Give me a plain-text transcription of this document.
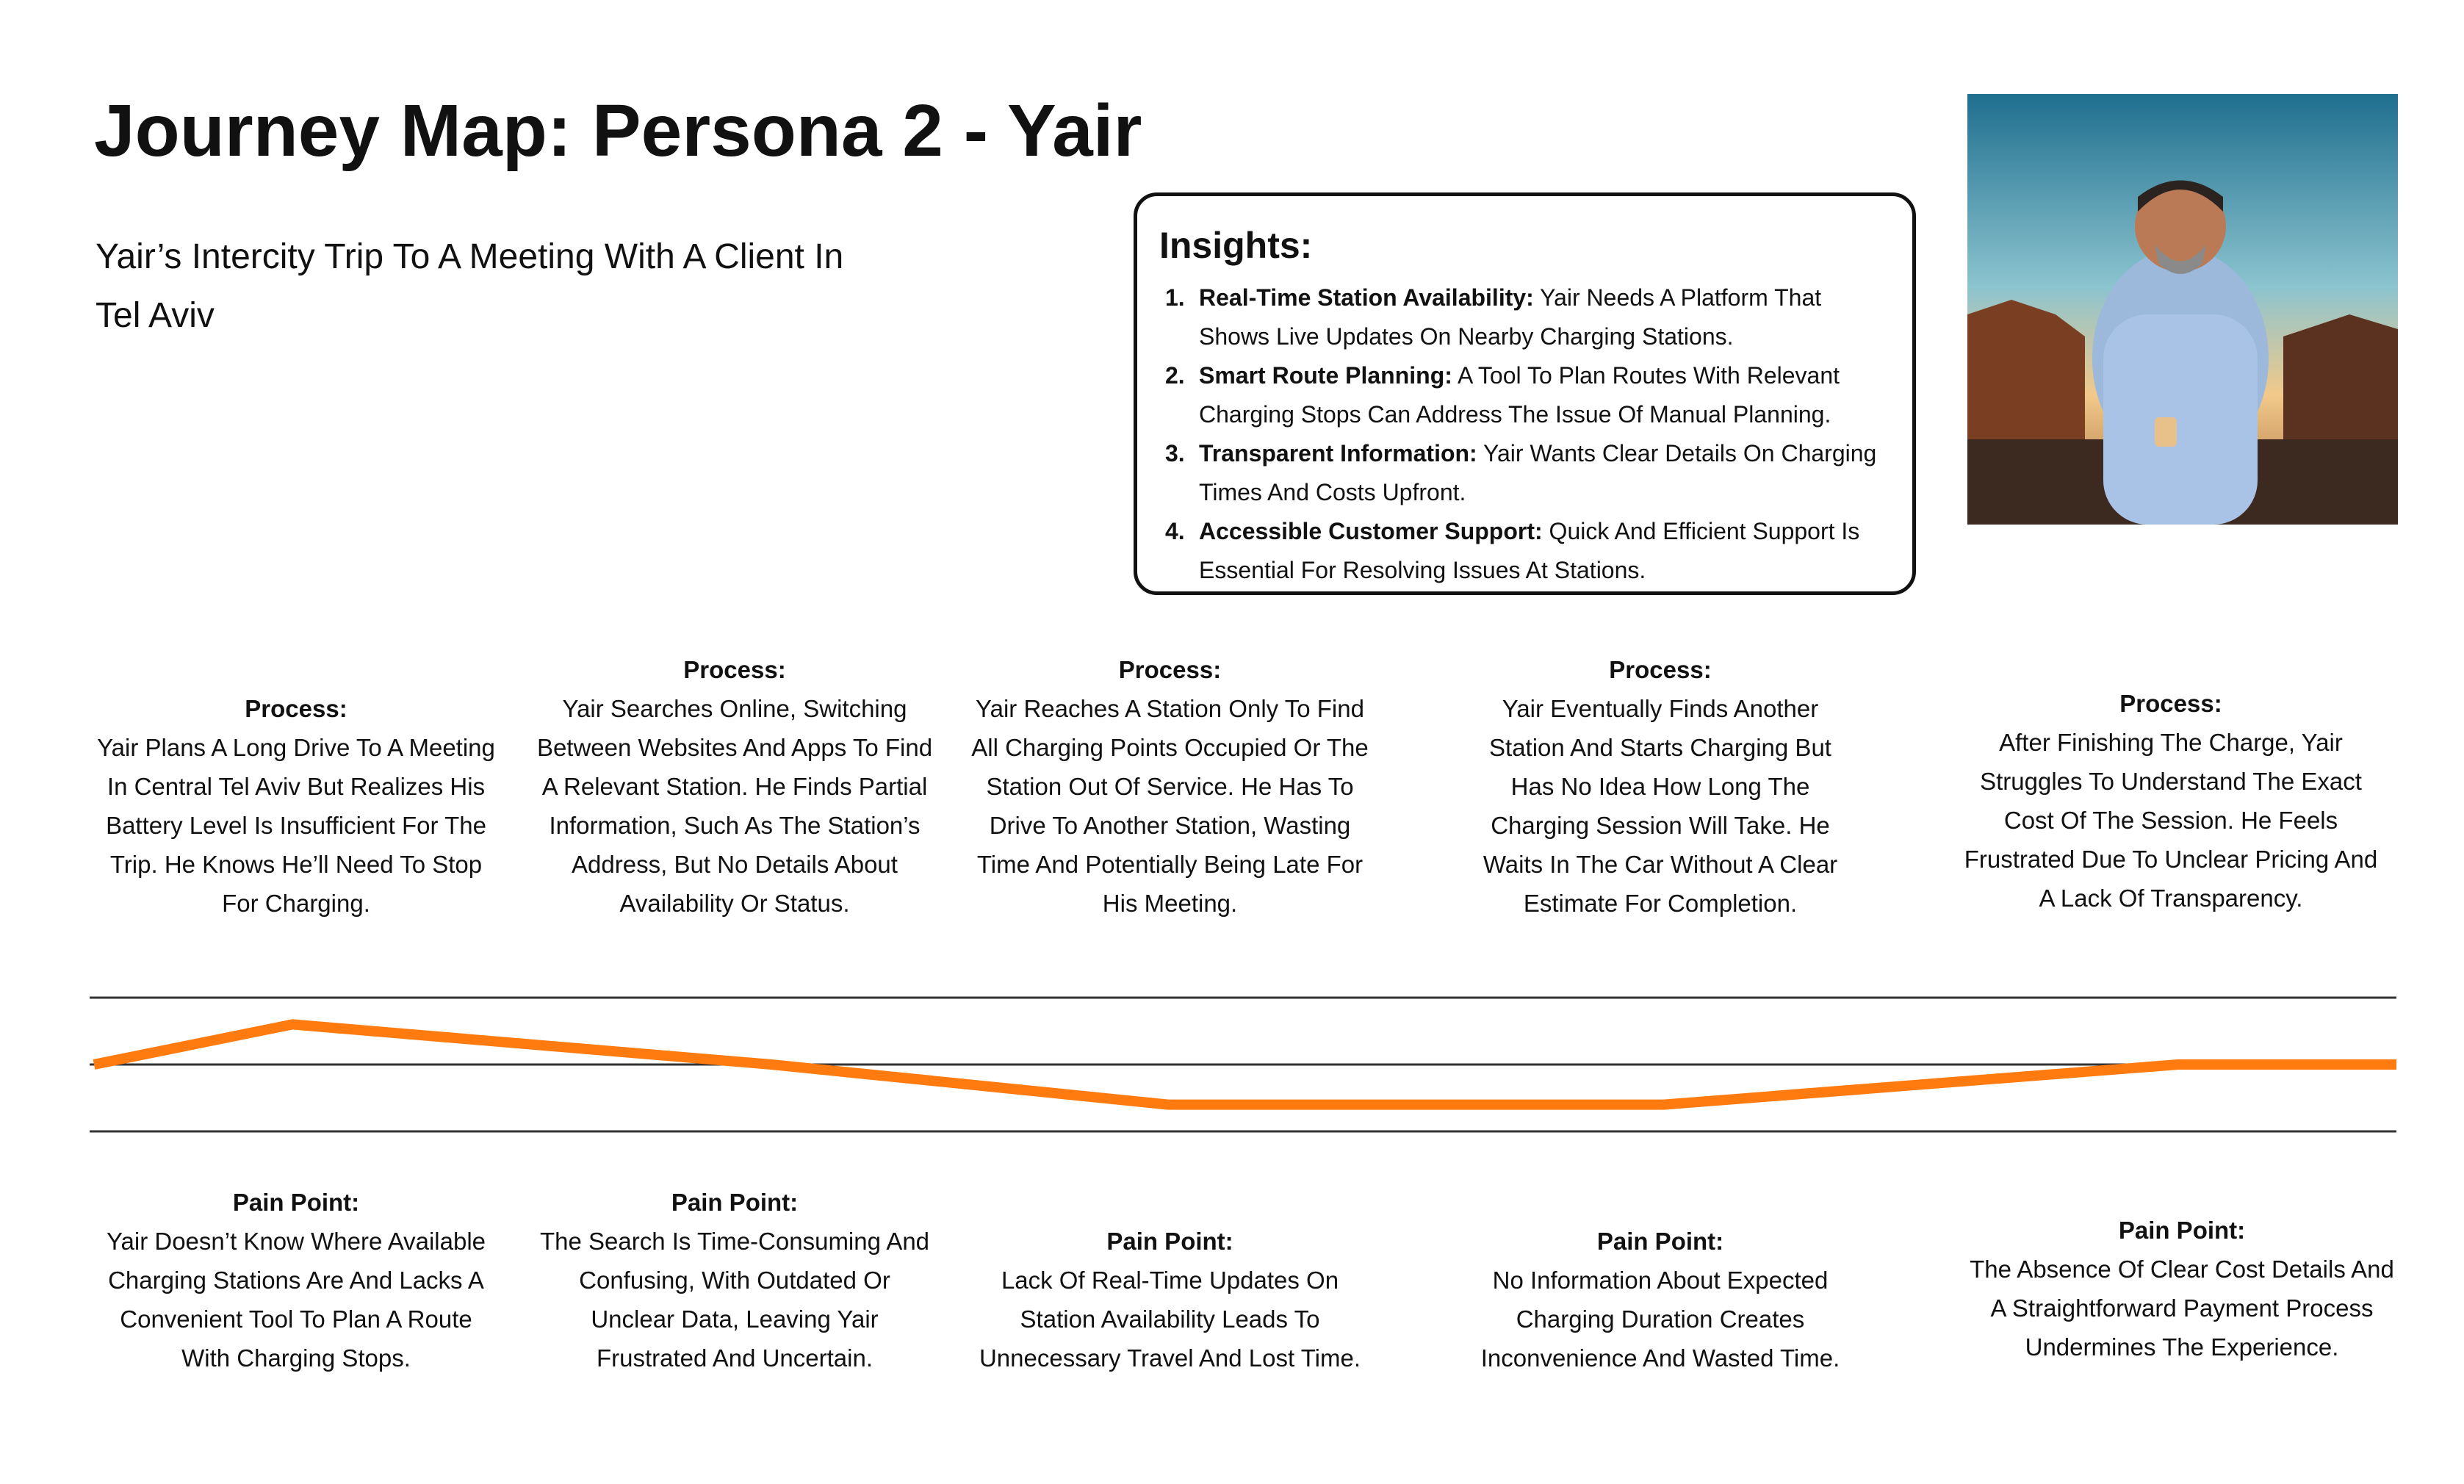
Journey Map: Persona 2 - Yair

Yair’s Intercity Trip To A Meeting With A Client In Tel Aviv

Insights:
1. Real-Time Station Availability: Yair Needs A Platform That Shows Live Updates On Nearby Charging Stations.
2. Smart Route Planning: A Tool To Plan Routes With Relevant Charging Stops Can Address The Issue Of Manual Planning.
3. Transparent Information: Yair Wants Clear Details On Charging Times And Costs Upfront.
4. Accessible Customer Support: Quick And Efficient Support Is Essential For Resolving Issues At Stations.
Process:
Yair Plans A Long Drive To A Meeting In Central Tel Aviv But Realizes His Battery Level Is Insufficient For The Trip. He Knows He’ll Need To Stop For Charging.
Process:
Yair Searches Online, Switching Between Websites And Apps To Find A Relevant Station. He Finds Partial Information, Such As The Station’s Address, But No Details About Availability Or Status.
Process:
Yair Reaches A Station Only To Find All Charging Points Occupied Or The Station Out Of Service. He Has To Drive To Another Station, Wasting Time And Potentially Being Late For His Meeting.
Process:
Yair Eventually Finds Another Station And Starts Charging But Has No Idea How Long The Charging Session Will Take. He Waits In The Car Without A Clear Estimate For Completion.
Process:
After Finishing The Charge, Yair Struggles To Understand The Exact Cost Of The Session. He Feels Frustrated Due To Unclear Pricing And A Lack Of Transparency.
Pain Point:
Yair Doesn’t Know Where Available Charging Stations Are And Lacks A Convenient Tool To Plan A Route With Charging Stops.
Pain Point:
The Search Is Time-Consuming And Confusing, With Outdated Or Unclear Data, Leaving Yair Frustrated And Uncertain.
Pain Point:
Lack Of Real-Time Updates On Station Availability Leads To Unnecessary Travel And Lost Time.
Pain Point:
No Information About Expected Charging Duration Creates Inconvenience And Wasted Time.
Pain Point:
The Absence Of Clear Cost Details And A Straightforward Payment Process Undermines The Experience.
